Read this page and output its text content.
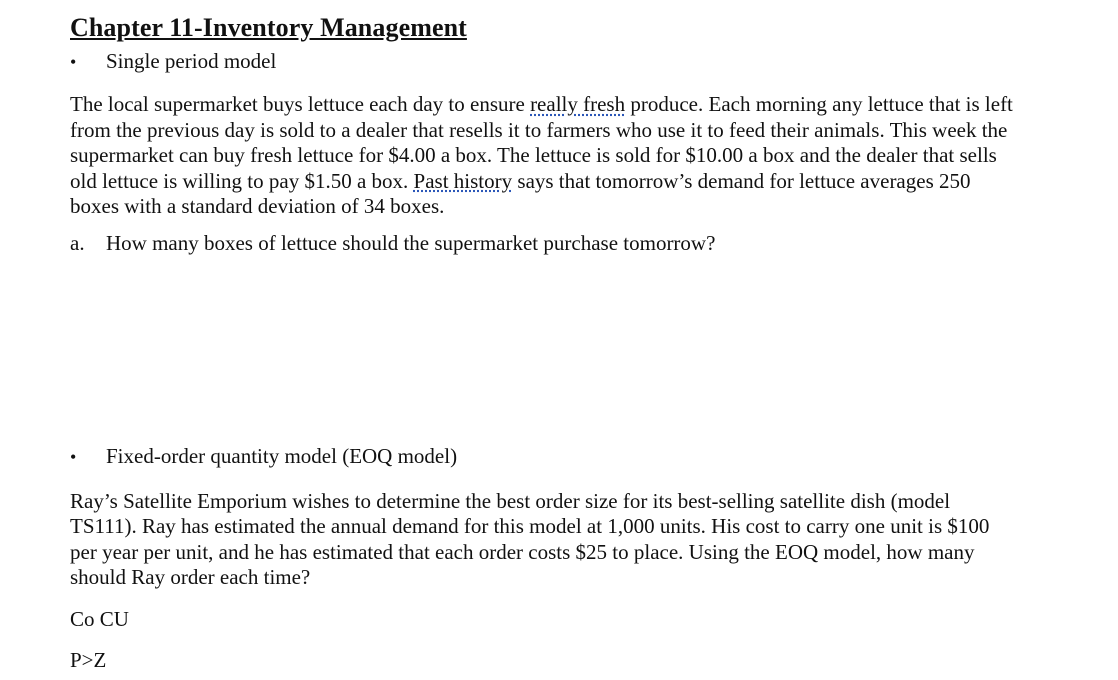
Chapter 11-Inventory Management
•	Single period model

The local supermarket buys lettuce each day to ensure really fresh produce. Each morning any lettuce that is left from the previous day is sold to a dealer that resells it to farmers who use it to feed their animals. This week the supermarket can buy fresh lettuce for $4.00 a box. The lettuce is sold for $10.00 a box and the dealer that sells old lettuce is willing to pay $1.50 a box. Past history says that tomorrow’s demand for lettuce averages 250 boxes with a standard deviation of 34 boxes.

a.	How many boxes of lettuce should the supermarket purchase tomorrow?
•	Fixed-order quantity model (EOQ model)

Ray’s Satellite Emporium wishes to determine the best order size for its best-selling satellite dish (model TS111). Ray has estimated the annual demand for this model at 1,000 units. His cost to carry one unit is $100 per year per unit, and he has estimated that each order costs $25 to place. Using the EOQ model, how many should Ray order each time?

Co CU

P>Z
